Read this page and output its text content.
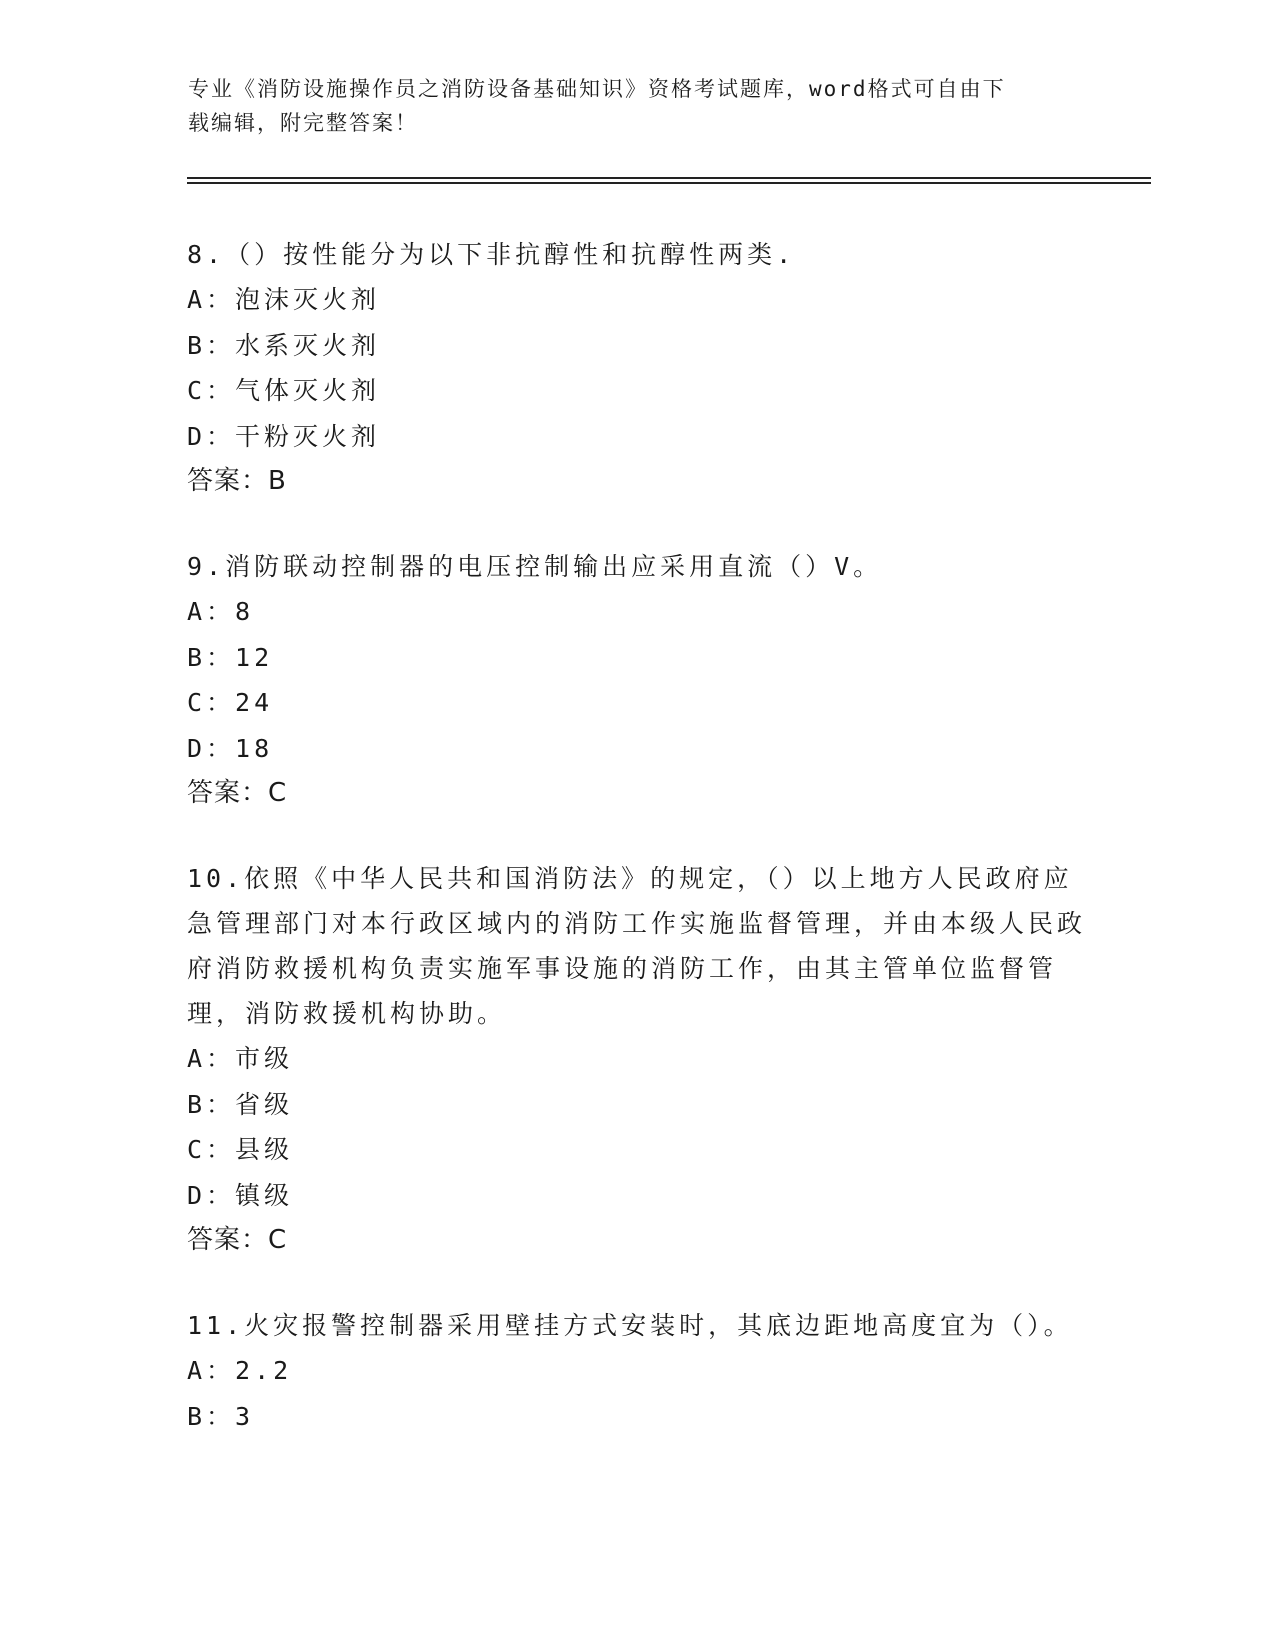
专业《消防设施操作员之消防设备基础知识》资格考试题库，word格式可自由下
载编辑，附完整答案！

8.（）按性能分为以下非抗醇性和抗醇性两类.

A：泡沫灭火剂
B：水系灭火剂
C：气体灭火剂
D：干粉灭火剂
答案：B

9.消防联动控制器的电压控制输出应采用直流（）V。

A：8
B：12
C：24
D：18
答案：C

10.依照《中华人民共和国消防法》的规定，（）以上地方人民政府应急管理部门对本行政区域内的消防工作实施监督管理，并由本级人民政府消防救援机构负责实施军事设施的消防工作，由其主管单位监督管理，消防救援机构协助。

A：市级
B：省级
C：县级
D：镇级
答案：C

11.火灾报警控制器采用壁挂方式安装时，其底边距地高度宜为（）。

A：2.2
B：3
